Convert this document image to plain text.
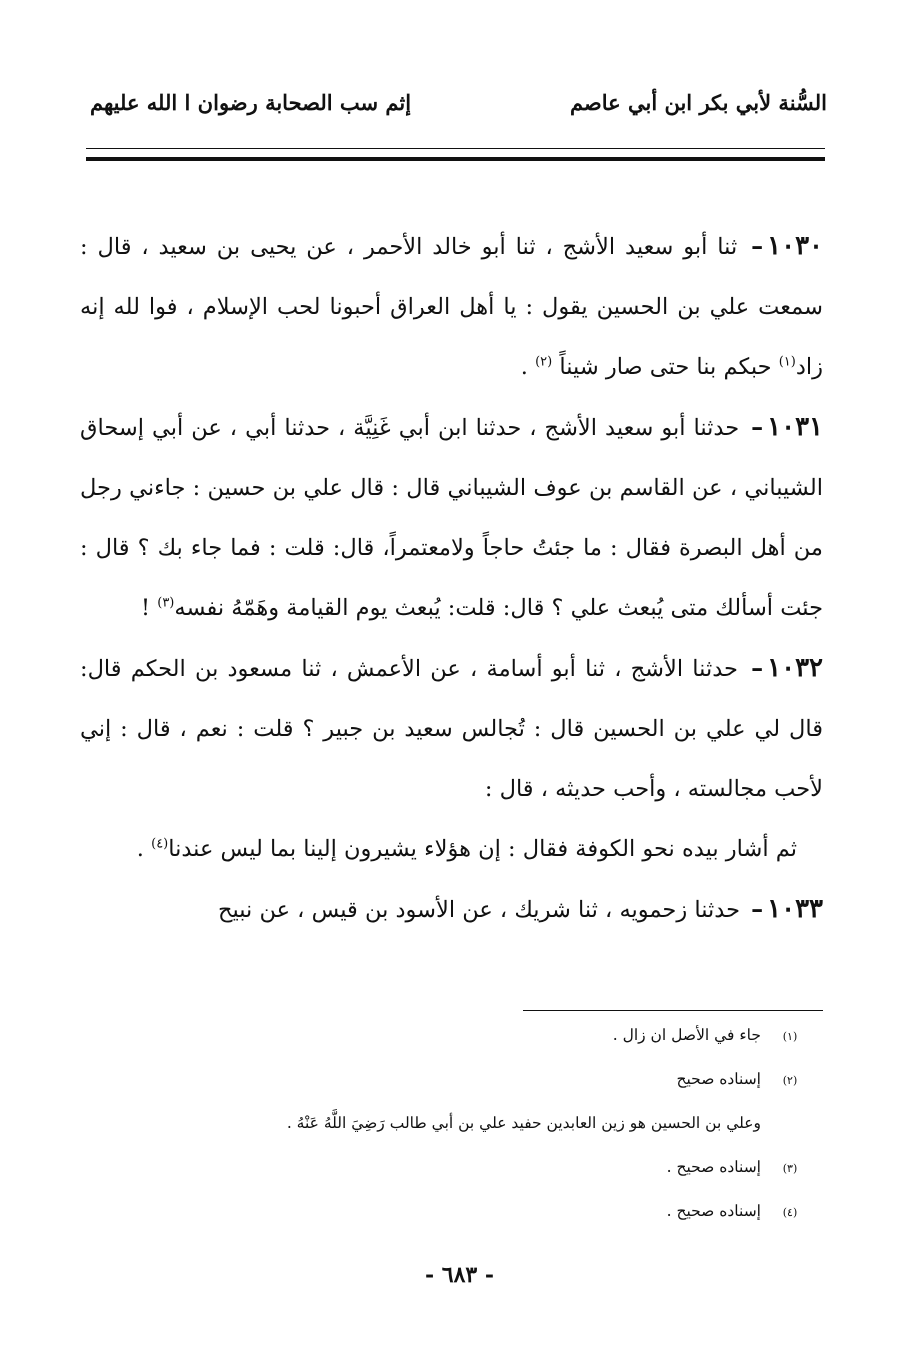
السُّنة لأبي بكر ابن أبي عاصم
إثم سب الصحابة رضوان ا الله عليهم

١٠٣٠– ثنا أبو سعيد الأشج ، ثنا أبو خالد الأحمر ، عن يحيى بن سعيد ، قال : سمعت علي بن الحسين يقول : يا أهل العراق أحبونا لحب الإسلام ، فوا لله إنه زاد$^{(١)}$ حبكم بنا حتى صار شيناً $^{(٢)}$ .

١٠٣١– حدثنا أبو سعيد الأشج ، حدثنا ابن أبي غَنِيَّة ، حدثنا أبي ، عن أبي إسحاق الشيباني ، عن القاسم بن عوف الشيباني قال : قال علي بن حسين : جاءني رجل من أهل البصرة فقال : ما جئتُ حاجاً ولامعتمراً، قال: قلت : فما جاء بك ؟ قال : جئت أسألك متى يُبعث علي ؟ قال: قلت: يُبعث يوم القيامة وهَمّهُ نفسه$^{(٣)}$ !

١٠٣٢– حدثنا الأشج ، ثنا أبو أسامة ، عن الأعمش ، ثنا مسعود بن الحكم قال: قال لي علي بن الحسين قال : تُجالس سعيد بن جبير ؟ قلت : نعم ، قال : إني لأحب مجالسته ، وأحب حديثه ، قال :

ثم أشار بيده نحو الكوفة فقال : إن هؤلاء يشيرون إلينا بما ليس عندنا$^{(٤)}$ .

١٠٣٣– حدثنا زحمويه ، ثنا شريك ، عن الأسود بن قيس ، عن نبيح

(١)
جاء في الأصل ان زال .
(٢)
إسناده صحيح
وعلي بن الحسين هو زين العابدين حفيد علي بن أبي طالب رَضِيَ اللَّهُ عَنْهُ .
(٣)
إسناده صحيح .
(٤)
إسناده صحيح .
- ٦٨٣ -
